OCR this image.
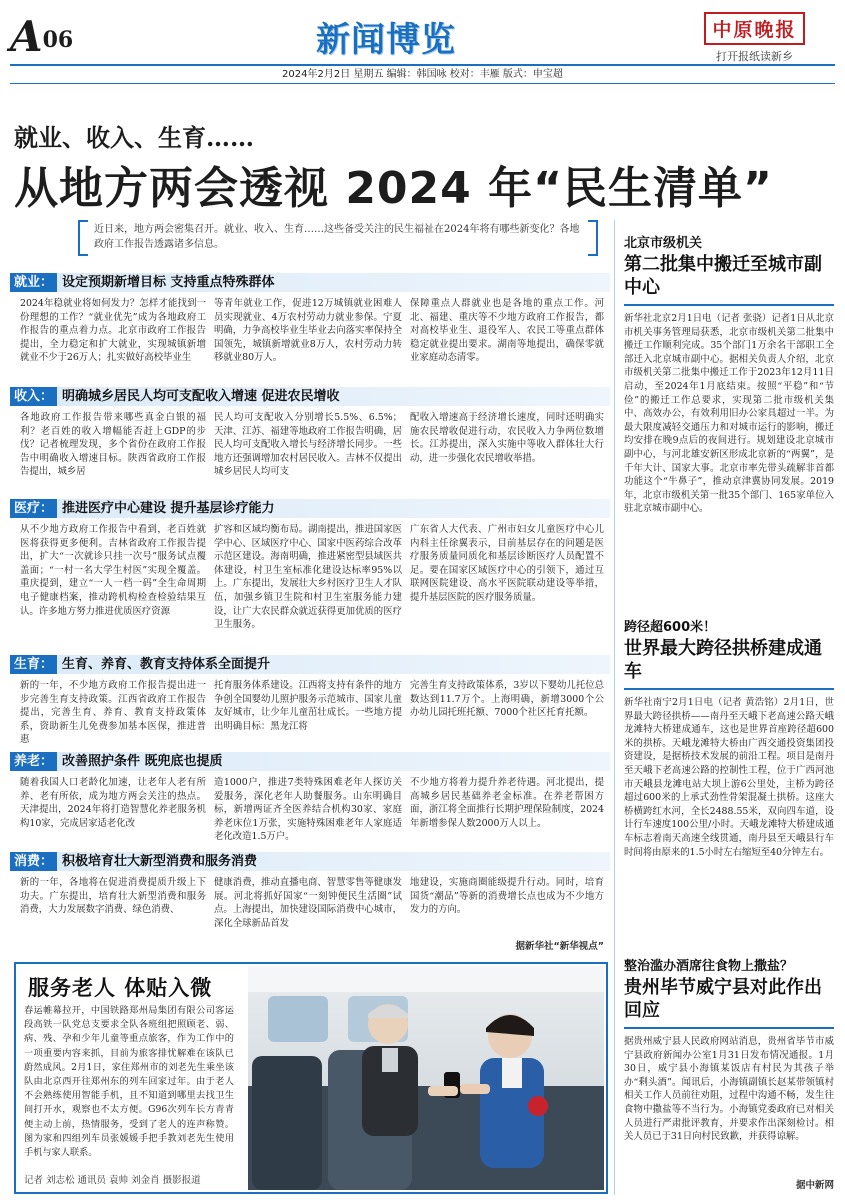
A06	新闻博览	中原晚报
打开报纸读新乡
2024年2月2日 星期五 编辑：韩国咏 校对：丰雁 版式：申宝超
就业、收入、生育……
从地方两会透视 2024 年“民生清单”
近日来，地方两会密集召开。就业、收入、生育……这些备受关注的民生福祉在2024年将有哪些新变化？各地政府工作报告透露诸多信息。
就业： 设定预期新增目标 支持重点特殊群体

2024年稳就业将如何发力？怎样才能找到一份理想的工作？“就业优先”成为各地政府工作报告的重点着力点。北京市政府工作报告提出，全力稳定和扩大就业，实现城镇新增就业不少于26万人；扎实做好高校毕业生

等青年就业工作，促进12万城镇就业困难人员实现就业、4万农村劳动力就业参保。宁夏明确，力争高校毕业生毕业去向落实率保持全国领先，城镇新增就业8万人，农村劳动力转移就业80万人。

保障重点人群就业也是各地的重点工作。河北、福建、重庆等不少地方政府工作报告，都对高校毕业生、退役军人、农民工等重点群体稳定就业提出要求。湖南等地提出，确保零就业家庭动态清零。

收入： 明确城乡居民人均可支配收入增速 促进农民增收

各地政府工作报告带来哪些真金白银的福利？老百姓的收入增幅能否赶上GDP的步伐？记者梳理发现，多个省份在政府工作报告中明确收入增速目标。陕西省政府工作报告提出，城乡居

民人均可支配收入分别增长5.5%、6.5%；天津、江苏、福建等地政府工作报告明确，居民人均可支配收入增长与经济增长同步。一些地方还强调增加农村居民收入。吉林不仅提出城乡居民人均可支

配收入增速高于经济增长速度，同时还明确实施农民增收促进行动，农民收入力争两位数增长。江苏提出，深入实施中等收入群体壮大行动，进一步强化农民增收举措。

医疗： 推进医疗中心建设 提升基层诊疗能力

从不少地方政府工作报告中看到，老百姓就医将获得更多便利。吉林省政府工作报告提出，扩大“一次就诊只挂一次号”服务试点覆盖面；“一村一名大学生村医”实现全覆盖。重庆提到，建立“一人一档一码”全生命周期电子健康档案，推动跨机构检查检验结果互认。许多地方努力推进优质医疗资源

扩容和区域均衡布局。湖南提出，推进国家医学中心、区域医疗中心、国家中医药综合改革示范区建设。海南明确，推进紧密型县域医共体建设，村卫生室标准化建设达标率95%以上。广东提出，发展壮大乡村医疗卫生人才队伍，加强乡镇卫生院和村卫生室服务能力建设，让广大农民群众就近获得更加优质的医疗卫生服务。

广东省人大代表、广州市妇女儿童医疗中心儿内科主任徐翼表示，目前基层存在的问题是医疗服务质量同质化和基层诊断医疗人员配置不足。要在国家区域医疗中心的引领下，通过互联网医院建设、高水平医院联动建设等举措，提升基层医院的医疗服务质量。

生育： 生育、养育、教育支持体系全面提升

新的一年，不少地方政府工作报告提出进一步完善生育支持政策。江西省政府工作报告提出，完善生育、养育、教育支持政策体系，资助新生儿免费参加基本医保，推进普惠

托育服务体系建设。江西将支持有条件的地方争创全国婴幼儿照护服务示范城市、国家儿童友好城市，让少年儿童茁壮成长。一些地方提出明确目标：黑龙江将

完善生育支持政策体系，3岁以下婴幼儿托位总数达到11.7万个。上海明确，新增3000个公办幼儿园托班托额、7000个社区托育托额。

养老： 改善照护条件 既兜底也提质

随着我国人口老龄化加速，让老年人老有所养、老有所依，成为地方两会关注的热点。天津提出，2024年将打造智慧化养老服务机构10家，完成居家适老化改

造1000户，推进7类特殊困难老年人探访关爱服务，深化老年人助餐服务。山东明确目标，新增两证齐全医养结合机构30家、家庭养老床位1万张，实施特殊困难老年人家庭适老化改造1.5万户。

不少地方将着力提升养老待遇。河北提出，提高城乡居民基础养老金标准。在养老帮困方面，浙江将全面推行长期护理保险制度，2024年新增参保人数2000万人以上。

消费： 积极培育壮大新型消费和服务消费

新的一年，各地将在促进消费提质升级上下功夫。广东提出，培育壮大新型消费和服务消费，大力发展数字消费、绿色消费、

健康消费，推动直播电商、智慧零售等健康发展。河北将抓好国家“一刻钟便民生活圈”试点。上海提出，加快建设国际消费中心城市，深化全球新品首发

地建设，实施商圈能级提升行动。同时，培育国货“潮品”等新的消费增长点也成为不少地方发力的方向。

据新华社“新华视点”
北京市级机关
第二批集中搬迁至城市副中心

新华社北京2月1日电（记者 张骁）记者1日从北京市机关事务管理局获悉，北京市级机关第二批集中搬迁工作顺利完成。35个部门1万余名干部职工全部迁入北京城市副中心。据相关负责人介绍，北京市级机关第二批集中搬迁工作于2023年12月11日启动，至2024年1月底结束。按照“平稳”和“节俭”的搬迁工作总要求，实现第二批市级机关集中、高效办公，有效利用旧办公家具超过一半。为最大限度减轻交通压力和对城市运行的影响，搬迁均安排在晚9点后的夜间进行。规划建设北京城市副中心，与河北雄安新区形成北京新的“两翼”，是千年大计、国家大事。北京市率先带头疏解非首都功能这个“牛鼻子”，推动京津冀协同发展。2019年，北京市级机关第一批35个部门、165家单位入驻北京城市副中心。

跨径超600米！
世界最大跨径拱桥建成通车

新华社南宁2月1日电（记者 黄浩铭）2月1日，世界最大跨径拱桥——南丹至天峨下老高速公路天峨龙滩特大桥建成通车，这也是世界首座跨径超600米的拱桥。天峨龙滩特大桥由广西交通投资集团投资建设，是据桥技术发展的前沿工程。项目是南丹至天峨下老高速公路的控制性工程，位于广西河池市天峨县龙滩电站大坝上游6公里处，主桥为跨径超过600米的上承式劲性骨架混凝土拱桥。这座大桥横跨红水河，全长2488.55米，双向四车道，设计行车速度100公里/小时。天峨龙滩特大桥建成通车标志着南天高速全线贯通，南丹县至天峨县行车时间将由原来的1.5小时左右缩短至40分钟左右。

整治滥办酒席往食物上撒盐？
贵州毕节威宁县对此作出回应

据贵州威宁县人民政府网站消息，贵州省毕节市威宁县政府新闻办公室1月31日发布情况通报。1月30日，威宁县小海镇某饭店有村民为其孩子举办“剩头酒”。闻讯后，小海镇副镇长赵某带领镇村相关工作人员前往劝阻，过程中沟通不畅，发生往食物中撒盐等不当行为。小海镇党委政府已对相关人员进行严肃批评教育，并要求作出深刻检讨。相关人员已于31日向村民致歉，并获得谅解。

据中新网
服务老人 体贴入微

春运帷幕拉开，中国铁路郑州局集团有限公司客运段高铁一队党总支要求全队各班组把照顾老、弱、病、残、孕和少年儿童等重点旅客，作为工作中的一项重要内容来抓，目前为旅客排忧解难在该队已蔚然成风。2月1日，家住郑州市的刘老先生乘坐该队由北京西开往郑州东的列车回家过年。由于老人不会熟练使用智能手机，且不知道到哪里去找卫生间打开水，观察也不太方便。G96次列车长方青青便主动上前，热情服务，受到了老人的连声称赞。图为家和四组列车员张媛媛手把手教刘老先生使用手机与家人联系。

记者 刘志松 通讯员 袁帅 刘金肖 摄影报道
